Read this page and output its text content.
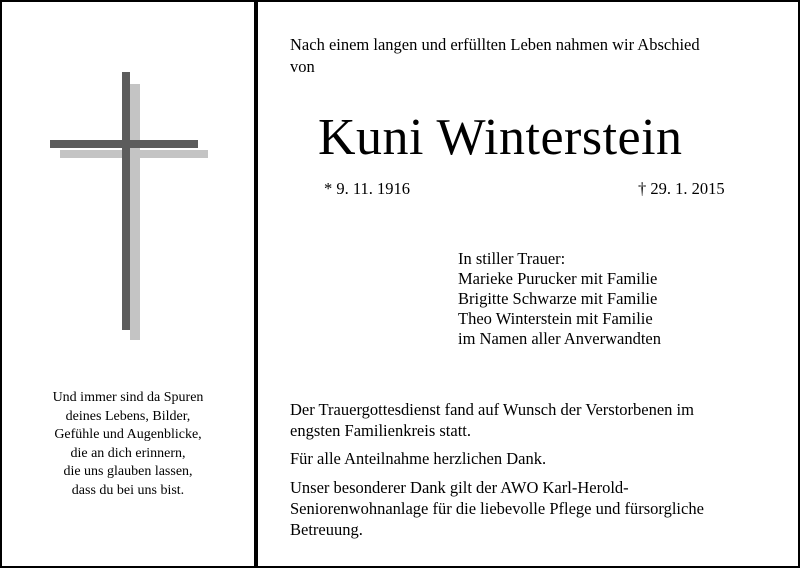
Und immer sind da Spuren
deines Lebens, Bilder,
Gefühle und Augenblicke,
die an dich erinnern,
die uns glauben lassen,
dass du bei uns bist.
Nach einem langen und erfüllten Leben nahmen wir Abschied
von
Kuni Winterstein
* 9. 11. 1916	† 29. 1. 2015
In stiller Trauer:
Marieke Purucker mit Familie
Brigitte Schwarze mit Familie
Theo Winterstein mit Familie
im Namen aller Anverwandten
Der Trauergottesdienst fand auf Wunsch der Verstorbenen im
engsten Familienkreis statt.
Für alle Anteilnahme herzlichen Dank.
Unser besonderer Dank gilt der AWO Karl-Herold-
Seniorenwohnanlage für die liebevolle Pflege und fürsorgliche
Betreuung.
